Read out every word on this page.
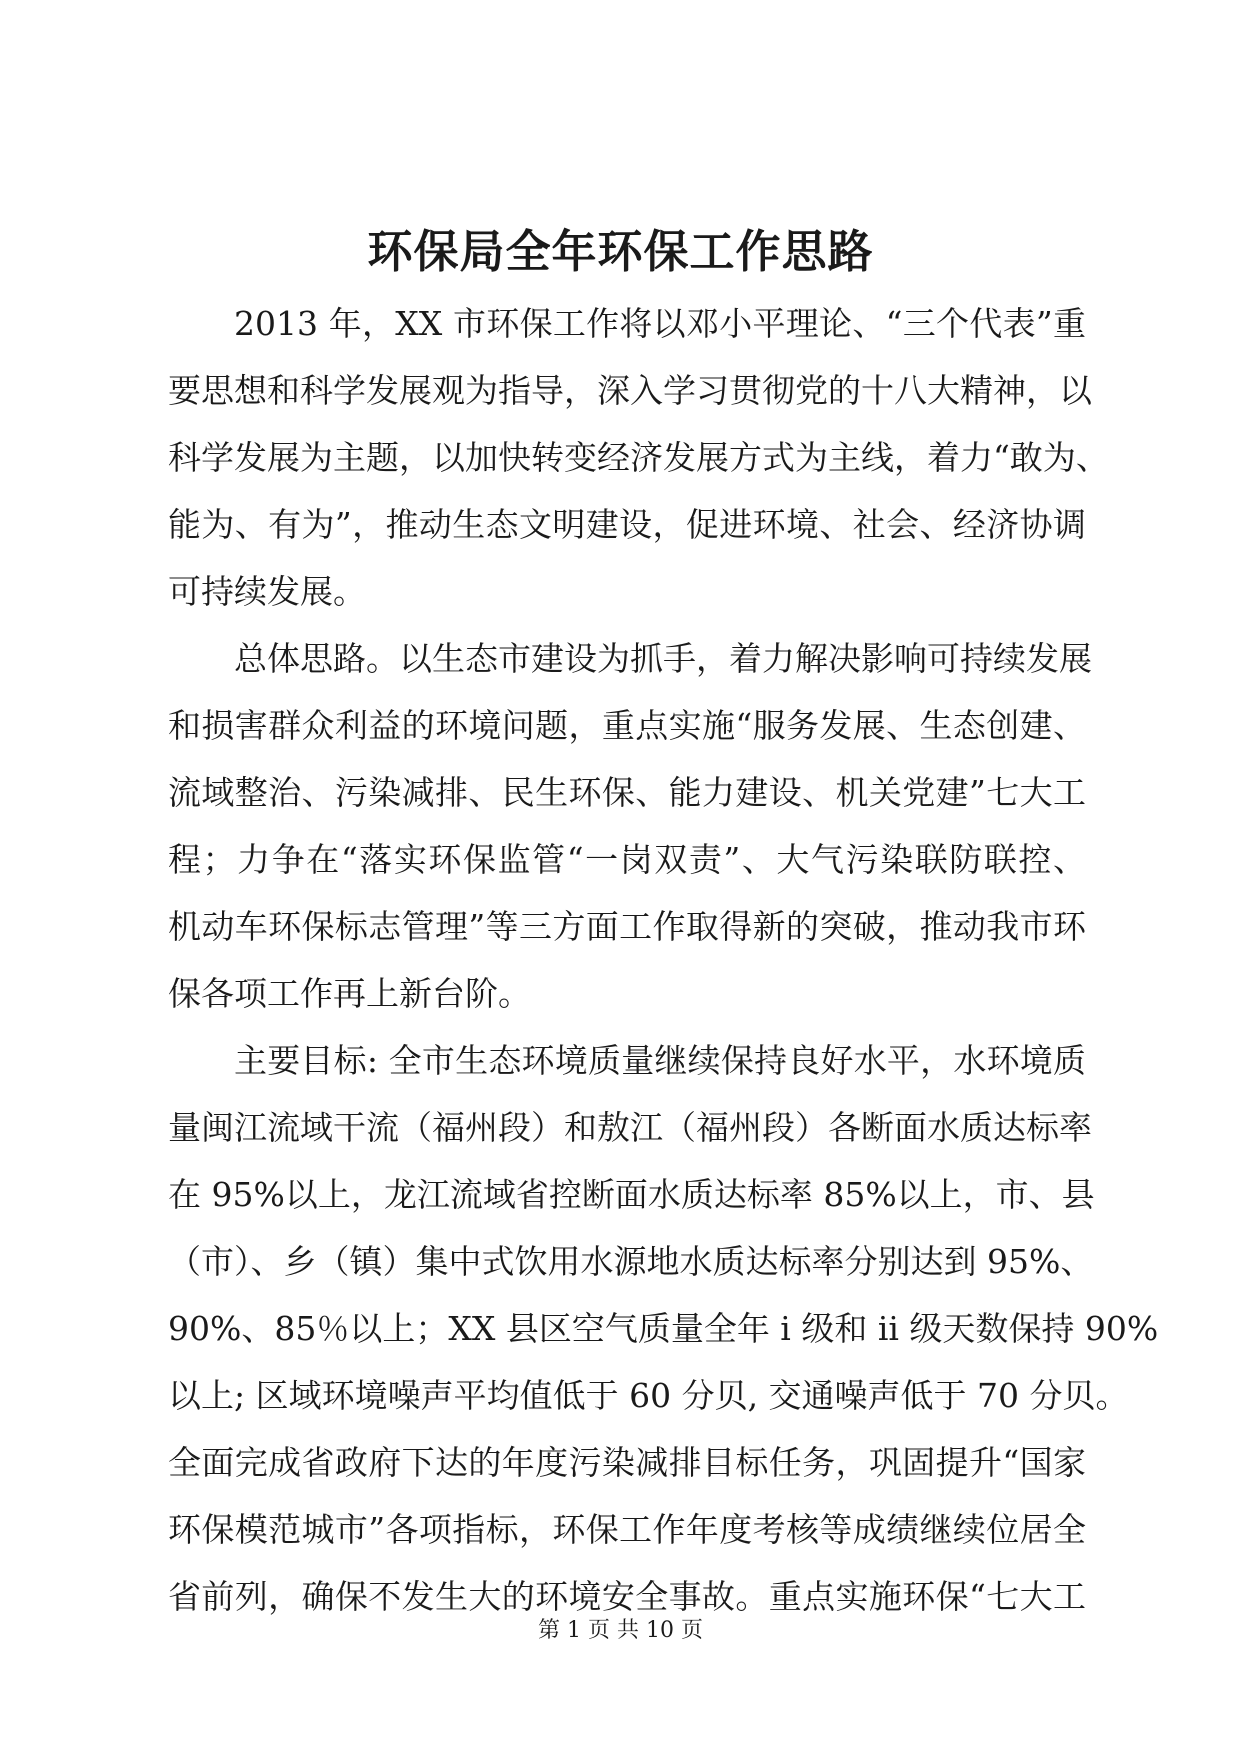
环保局全年环保工作思路
2013 年，XX 市环保工作将以邓小平理论、“三个代表”重
要思想和科学发展观为指导，深入学习贯彻党的十八大精神，以
科学发展为主题，以加快转变经济发展方式为主线，着力“敢为、
能为、有为”，推动生态文明建设，促进环境、社会、经济协调
可持续发展。
总体思路。以生态市建设为抓手，着力解决影响可持续发展
和损害群众利益的环境问题，重点实施“服务发展、生态创建、
流域整治、污染减排、民生环保、能力建设、机关党建”七大工
程；力争在“落实环保监管“一岗双责”、大气污染联防联控、
机动车环保标志管理”等三方面工作取得新的突破，推动我市环
保各项工作再上新台阶。
主要目标: 全市生态环境质量继续保持良好水平，水环境质
量闽江流域干流（福州段）和敖江（福州段）各断面水质达标率
在 95%以上，龙江流域省控断面水质达标率 85%以上，市、县
（市）、乡（镇）集中式饮用水源地水质达标率分别达到 95%、
90%、85％以上；XX 县区空气质量全年 i 级和 ii 级天数保持 90%
以上; 区域环境噪声平均值低于 60 分贝, 交通噪声低于 70 分贝。
全面完成省政府下达的年度污染减排目标任务，巩固提升“国家
环保模范城市”各项指标，环保工作年度考核等成绩继续位居全
省前列，确保不发生大的环境安全事故。重点实施环保“七大工
第 1 页 共 10 页
